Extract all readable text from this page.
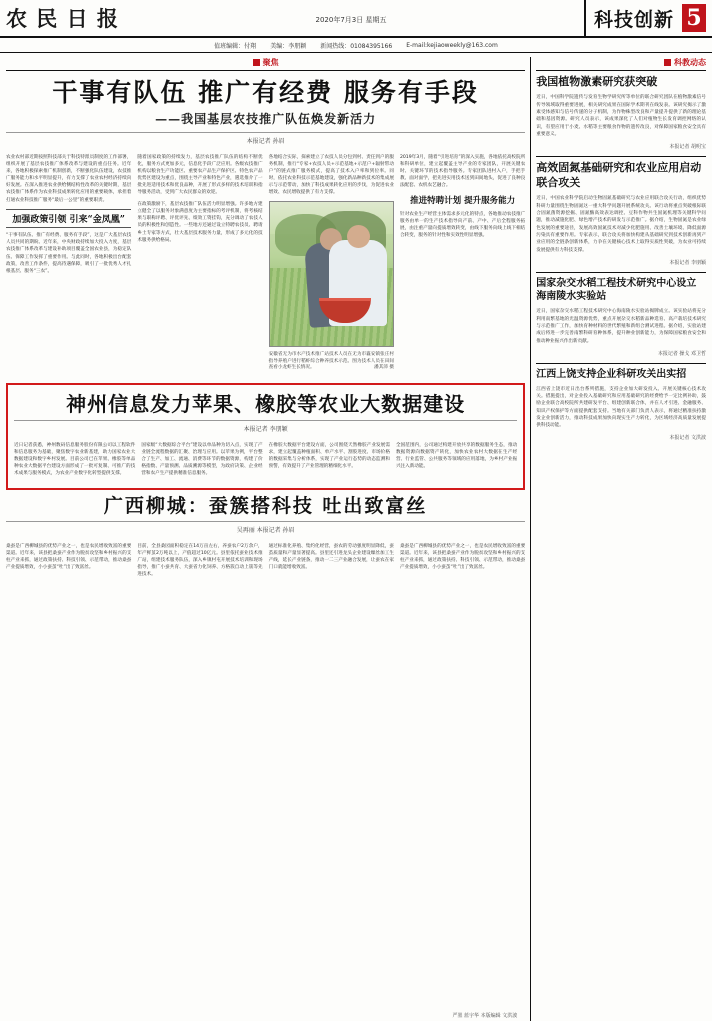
农 民 日 报	2020年7月3日 星期五	科技创新 5
值班编辑：付翔 美编：李朋颖 新闻热线：01084395166 E-mail:kejiaoweekly@163.com
聚焦
干事有队伍 推广有经费 服务有手段
——我国基层农技推广队伍焕发新活力
本报记者 孙眉

农业农村部近期按照科技部关于科技特派员制度的工作部署，组织开展了基层农技推广体系改革与建设的重点任务。近年来，各地积极探索推广机制创新，不断强化队伍建设，农技推广服务能力和水平明显提升，有力支撑了农业农村经济持续向好发展。在深入推进农业供给侧结构性改革的关键时期，基层农技推广体系作为农业科技成果转化应用的重要载体，承担着打通农业科技推广服务“最后一公里”的重要职责。

加强政策引领 引来“金凤凰”

“干事有队伍、推广有经费、服务有手段”，这是广大基层农技人员共同的期盼。近年来，中央财政持续加大投入力度，基层农技推广体系改革与建设补助项目覆盖全国农业县，为稳定队伍、保障工作发挥了重要作用。与此同时，各地积极出台配套政策，改善工作条件，提高待遇保障，吸引了一批优秀人才扎根基层、服务“三农”。

随着国家政策的持续发力，基层农技推广队伍的结构不断优化，服务方式更加多元，信息化手段广泛应用。各级农技推广机构以粮食生产功能区、重要农产品生产保护区、特色农产品优势区建设为重点，围绕主导产业和特色产业，遴选推介了一批先进适用技术和优良品种，开展了形式多样的技术培训和指导服务活动，受到广大农民群众的欢迎。

在政策激励下，基层农技推广队伍活力明显增强。许多地方建立健全了以服务对象满意度为主要指标的考评机制，将考核结果与职称评聘、评优评先、绩效工资挂钩，充分调动了农技人员的积极性和创造性。一些地方还通过设立特聘农技员、聘请乡土专家等方式，壮大基层技术服务力量，形成了多元化的技术服务供给格局。

各地结合实际，探索建立了农技人员分包到村、责任到户的服务机制，推行“专家+农技人员+示范基地+示范户+辐射带动户”的链式推广服务模式，提高了技术入户率和到位率。同时，依托农业科技示范基地建设，强化新品种新技术的集成展示与示范带动，加快了科技成果转化应用的步伐，为促进农业增效、农民增收提供了有力支撑。

安徽省无为市水产技术推广站技术人员在无为市襄安镇张庄村指导养殖户进行稻虾综合种养技术示范。图为技术人员在田间查看小龙虾生长情况。	潘其沛 摄

2019年3月，随着“引进培育”的深入实施，各地依托高校院所和科研单位，建立起覆盖主导产业的专家团队，开展关键农时、关键环节的技术指导服务。专家团队进村入户，手把手教、面对面学，把先进实用技术送到田间地头，促进了良种良法配套、农机农艺融合。

推进特聘计划 提升服务能力

针对农业生产经营主体需求多元化的特点，各地推动农技推广服务由单一的生产技术指导向产前、产中、产后全程服务拓展，由注重产量向提质增效转变，由线下服务向线上线下相结合转变，服务的针对性和实效性明显增强。

神州信息发力苹果、橡胶等农业大数据建设
本报记者 李朋颖

近日记者获悉，神州数码信息服务股份有限公司以工程软件和信息服务为基础，聚焦数字农业新基建，助力国家农业大数据建设和数字乡村发展。目前公司已在苹果、橡胶等单品种农业大数据平台建设方面形成了一批可复制、可推广的技术成果与服务模式，为农业产业数字化转型提供支撑。

国家级“大数据综合平台”建设以单品种为切入点，实现了产业链全流程数据的汇聚、治理与应用。以苹果为例，平台整合了生产、加工、流通、消费等环节的数据资源，构建了价格指数、产量预测、品质溯源等模型，为政府决策、企业经营和农户生产提供精准信息服务。

在橡胶大数据平台建设方面，公司围绕天然橡胶产业发展需求，建立起覆盖种植面积、单产水平、割胶进度、市场价格的数据采集与分析体系，实现了产业运行态势的动态监测和预警，有效提升了产业管理的精细化水平。

全国范围内，公司通过构建开放共享的数据服务生态，推动数据资源向数据资产转化，加快农业农村大数据在生产经营、行业监管、公共服务等领域的应用落地，为乡村产业振兴注入新动能。

广西柳城：蚕簇搭科技 吐出致富丝
吴再丽 本报记者 孙眉

桑蚕是广西柳城县的优势产业之一，也是农民增收致富的重要渠道。近年来，该县把桑蚕产业作为脱贫攻坚和乡村振兴的支柱产业来抓，通过政策扶持、科技引领、示范带动，推动桑蚕产业提质增效，小小蚕茧“吐”出了致富丝。

目前，全县桑园面积稳定在14万亩左右，养蚕农户2万余户，年产鲜茧2万吨以上，产值超过10亿元。县里依托蚕业技术推广站，组建技术服务队伍，深入乡镇村屯开展技术培训和现场指导，推广小蚕共育、大蚕省力化饲养、方格簇自动上簇等先进技术。

通过标准化养殖、集约化经营，蚕农的劳动强度明显降低，蚕茧质量和产量显著提高。县里还引进龙头企业建设缫丝加工生产线，延长产业链条，推动一二三产业融合发展，让蚕农在家门口就能增收致富。

桑蚕是广西柳城县的优势产业之一，也是农民增收致富的重要渠道。近年来，该县把桑蚕产业作为脱贫攻坚和乡村振兴的支柱产业来抓，通过政策扶持、科技引领、示范带动，推动桑蚕产业提质增效，小小蚕茧“吐”出了致富丝。

严墨 蓝宇华 本版编辑 文洪波
科教动态
我国植物激素研究获突破

近日，中国科学院遗传与发育生物学研究所等单位的联合研究团队在植物激素信号传导领域取得重要进展，相关研究成果在国际学术期刊在线发表。该研究揭示了激素受体感知与信号传递的分子机制，为作物株型改良和产量提升提供了新的理论基础和基因资源。研究人员表示，该成果深化了人们对植物生长发育调控网络的认识，有望应用于小麦、水稻等主要粮食作物的遗传改良，对保障国家粮食安全具有重要意义。

本报记者 胡明宝
高效固氮基础研究和农业应用启动联合攻关

近日，中国农业科学院启动生物固氮基础研究与农业应用联合攻关行动，组织优势科研力量围绕生物固氮这一重大科学问题开展系统攻关。该行动将重点突破根际联合固氮菌资源挖掘、固氮酶高效表达调控、豆科作物共生固氮机理等关键科学问题，推动减施化肥、绿色增产技术的研发与示范推广。据介绍，生物固氮是农业绿色发展的重要途径，发展高效固氮技术对减少化肥施用、改善土壤环境、降低面源污染具有重要作用。专家表示，联合攻关将加快构建从基础研究到技术创新再到产业应用的全链条创新体系，力争在关键核心技术上取得实质性突破，为农业可持续发展提供有力科技支撑。

本报记者 李朋颖
国家杂交水稻工程技术研究中心设立海南陵水实验站

近日，国家杂交水稻工程技术研究中心海南陵水实验站揭牌成立。该实验站将充分利用南繁基地的光温资源优势，重点开展杂交水稻新品种选育、高产栽培技术研究与示范推广工作，加快育种材料的世代繁殖和新组合测试进程。据介绍，实验站建成后将进一步完善南繁科研育种体系，提升种业创新能力，为保障国家粮食安全和推动种业振兴作出新贡献。

本报记者 操戈 邓卫哲
江西上饶支持企业科研攻关出实招

江西省上饶市近日出台系列措施，支持企业加大研发投入、开展关键核心技术攻关。措施提出，对企业投入基础研究和应用基础研究的经费给予一定比例补助，鼓励企业联合高校院所共建研发平台、组建创新联合体，并在人才引进、金融服务、知识产权保护等方面提供配套支持。当地有关部门负责人表示，将通过精准扶持激发企业创新活力，推动科技成果加快向现实生产力转化，为区域经济高质量发展提供科技动能。

本报记者 文洪波
